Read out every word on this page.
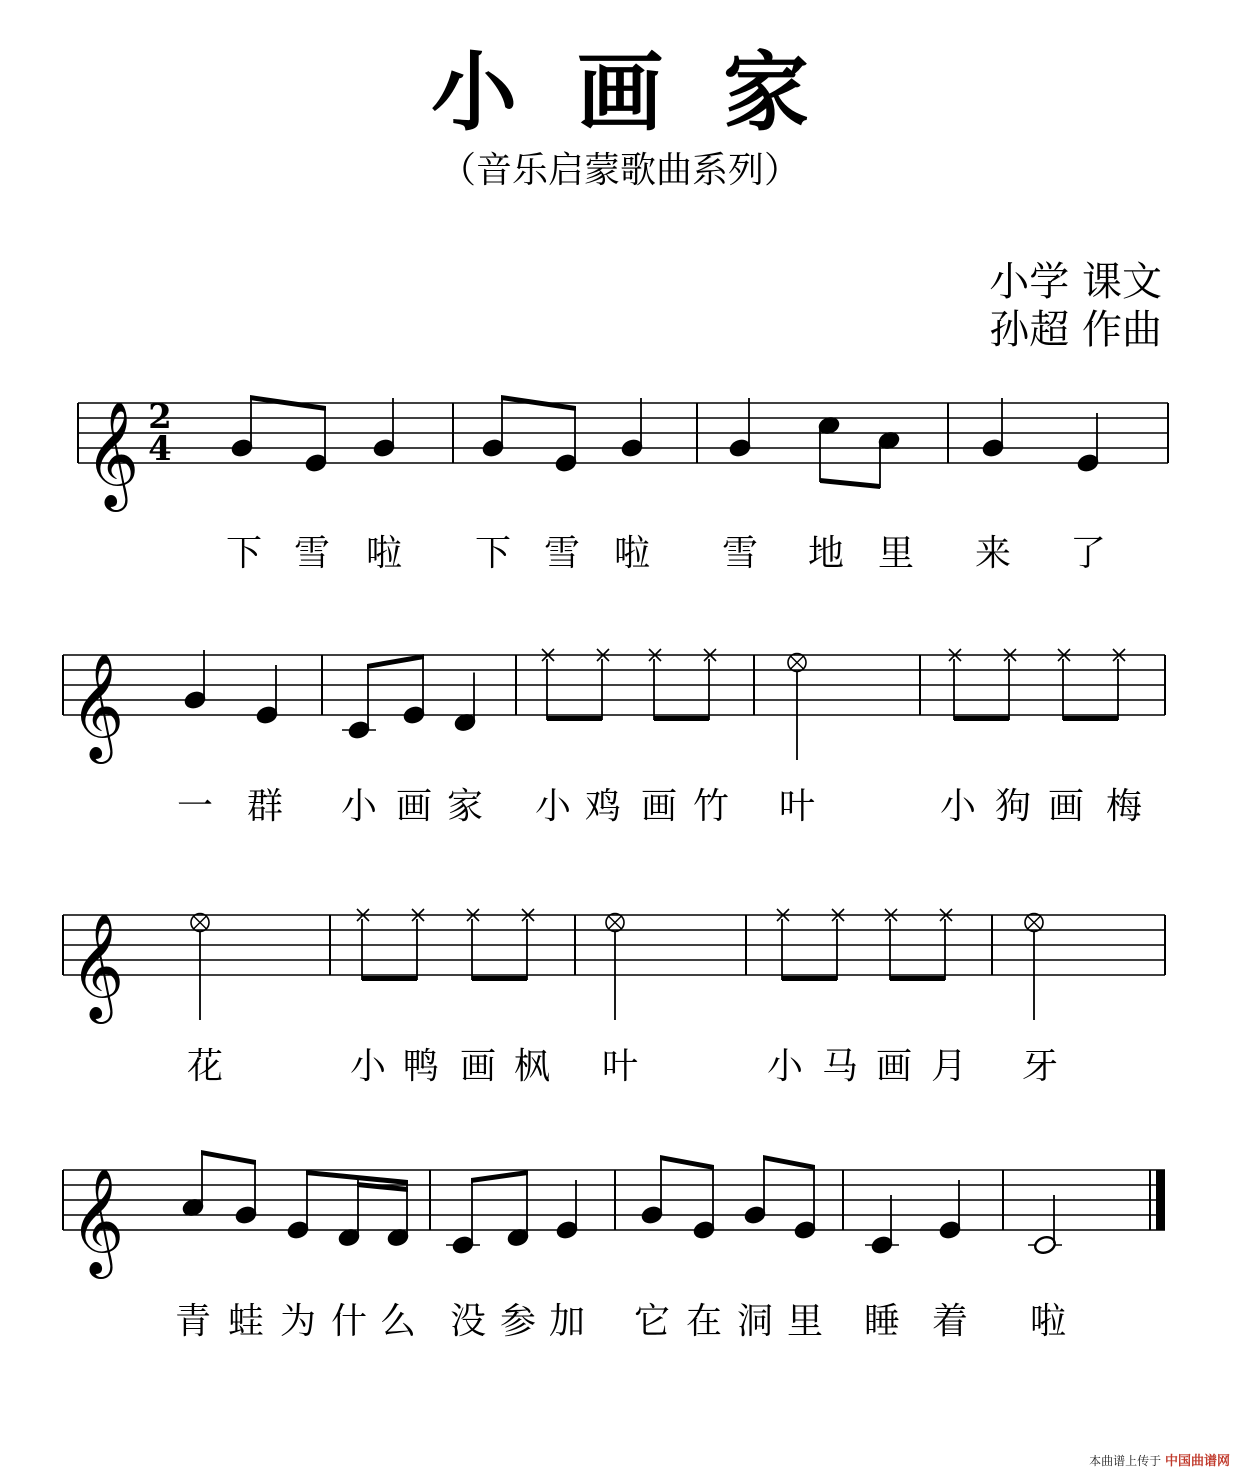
小画家
（音乐启蒙歌曲系列）
小学 课文
孙超 作曲
𝄞
𝄞
𝄞
𝄞
下 雪 啦 下 雪 啦 雪 地 里 来 了
一 群 小 画 家 小 鸡 画 竹 叶	小 狗 画 梅
花	小 鸭 画 枫 叶	小 马 画 月 牙
青 蛙 为 什 么 没 参 加 它 在 洞 里 睡 着 啦
2
4
本曲谱上传于 中国曲谱网
